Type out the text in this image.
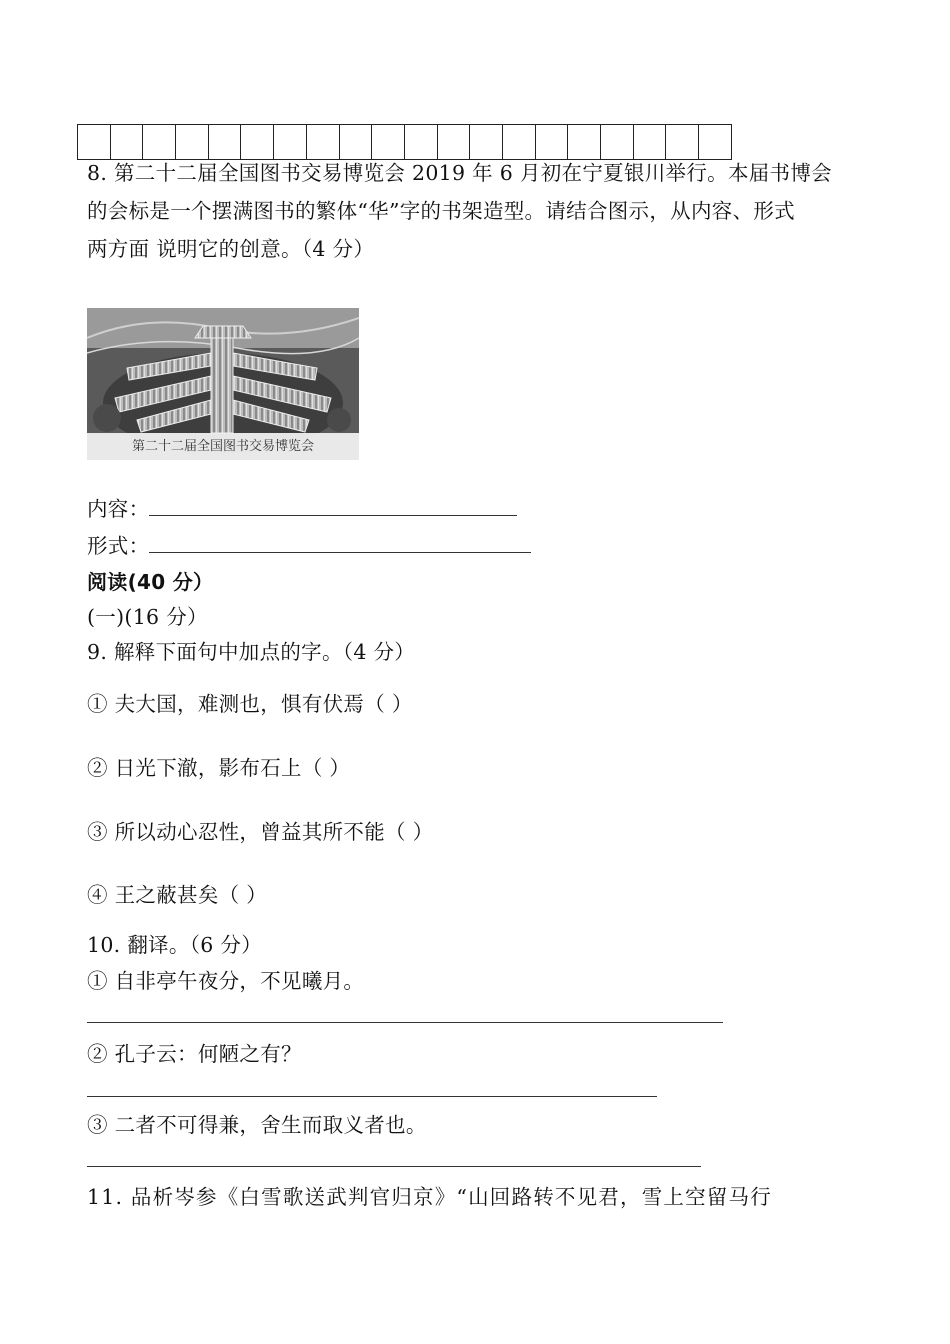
8. 第二十二届全国图书交易博览会 2019 年 6 月初在宁夏银川举行。本届书博会
的会标是一个摆满图书的繁体“华”字的书架造型。请结合图示，从内容、形式
两方面 说明它的创意。（4 分）
第二十二届全国图书交易博览会
内容：
形式：
阅读(40 分）
(一)(16 分）
9. 解释下面句中加点的字。（4 分）
① 夫大国，难测也，惧有伏焉（ ）
② 日光下澈，影布石上（ ）
③ 所以动心忍性，曾益其所不能（ ）
④ 王之蔽甚矣（ ）
10. 翻译。（6 分）
① 自非亭午夜分，不见曦月。
② 孔子云：何陋之有？
③ 二者不可得兼，舍生而取义者也。
11. 品析岑参《白雪歌送武判官归京》“山回路转不见君，雪上空留马行
